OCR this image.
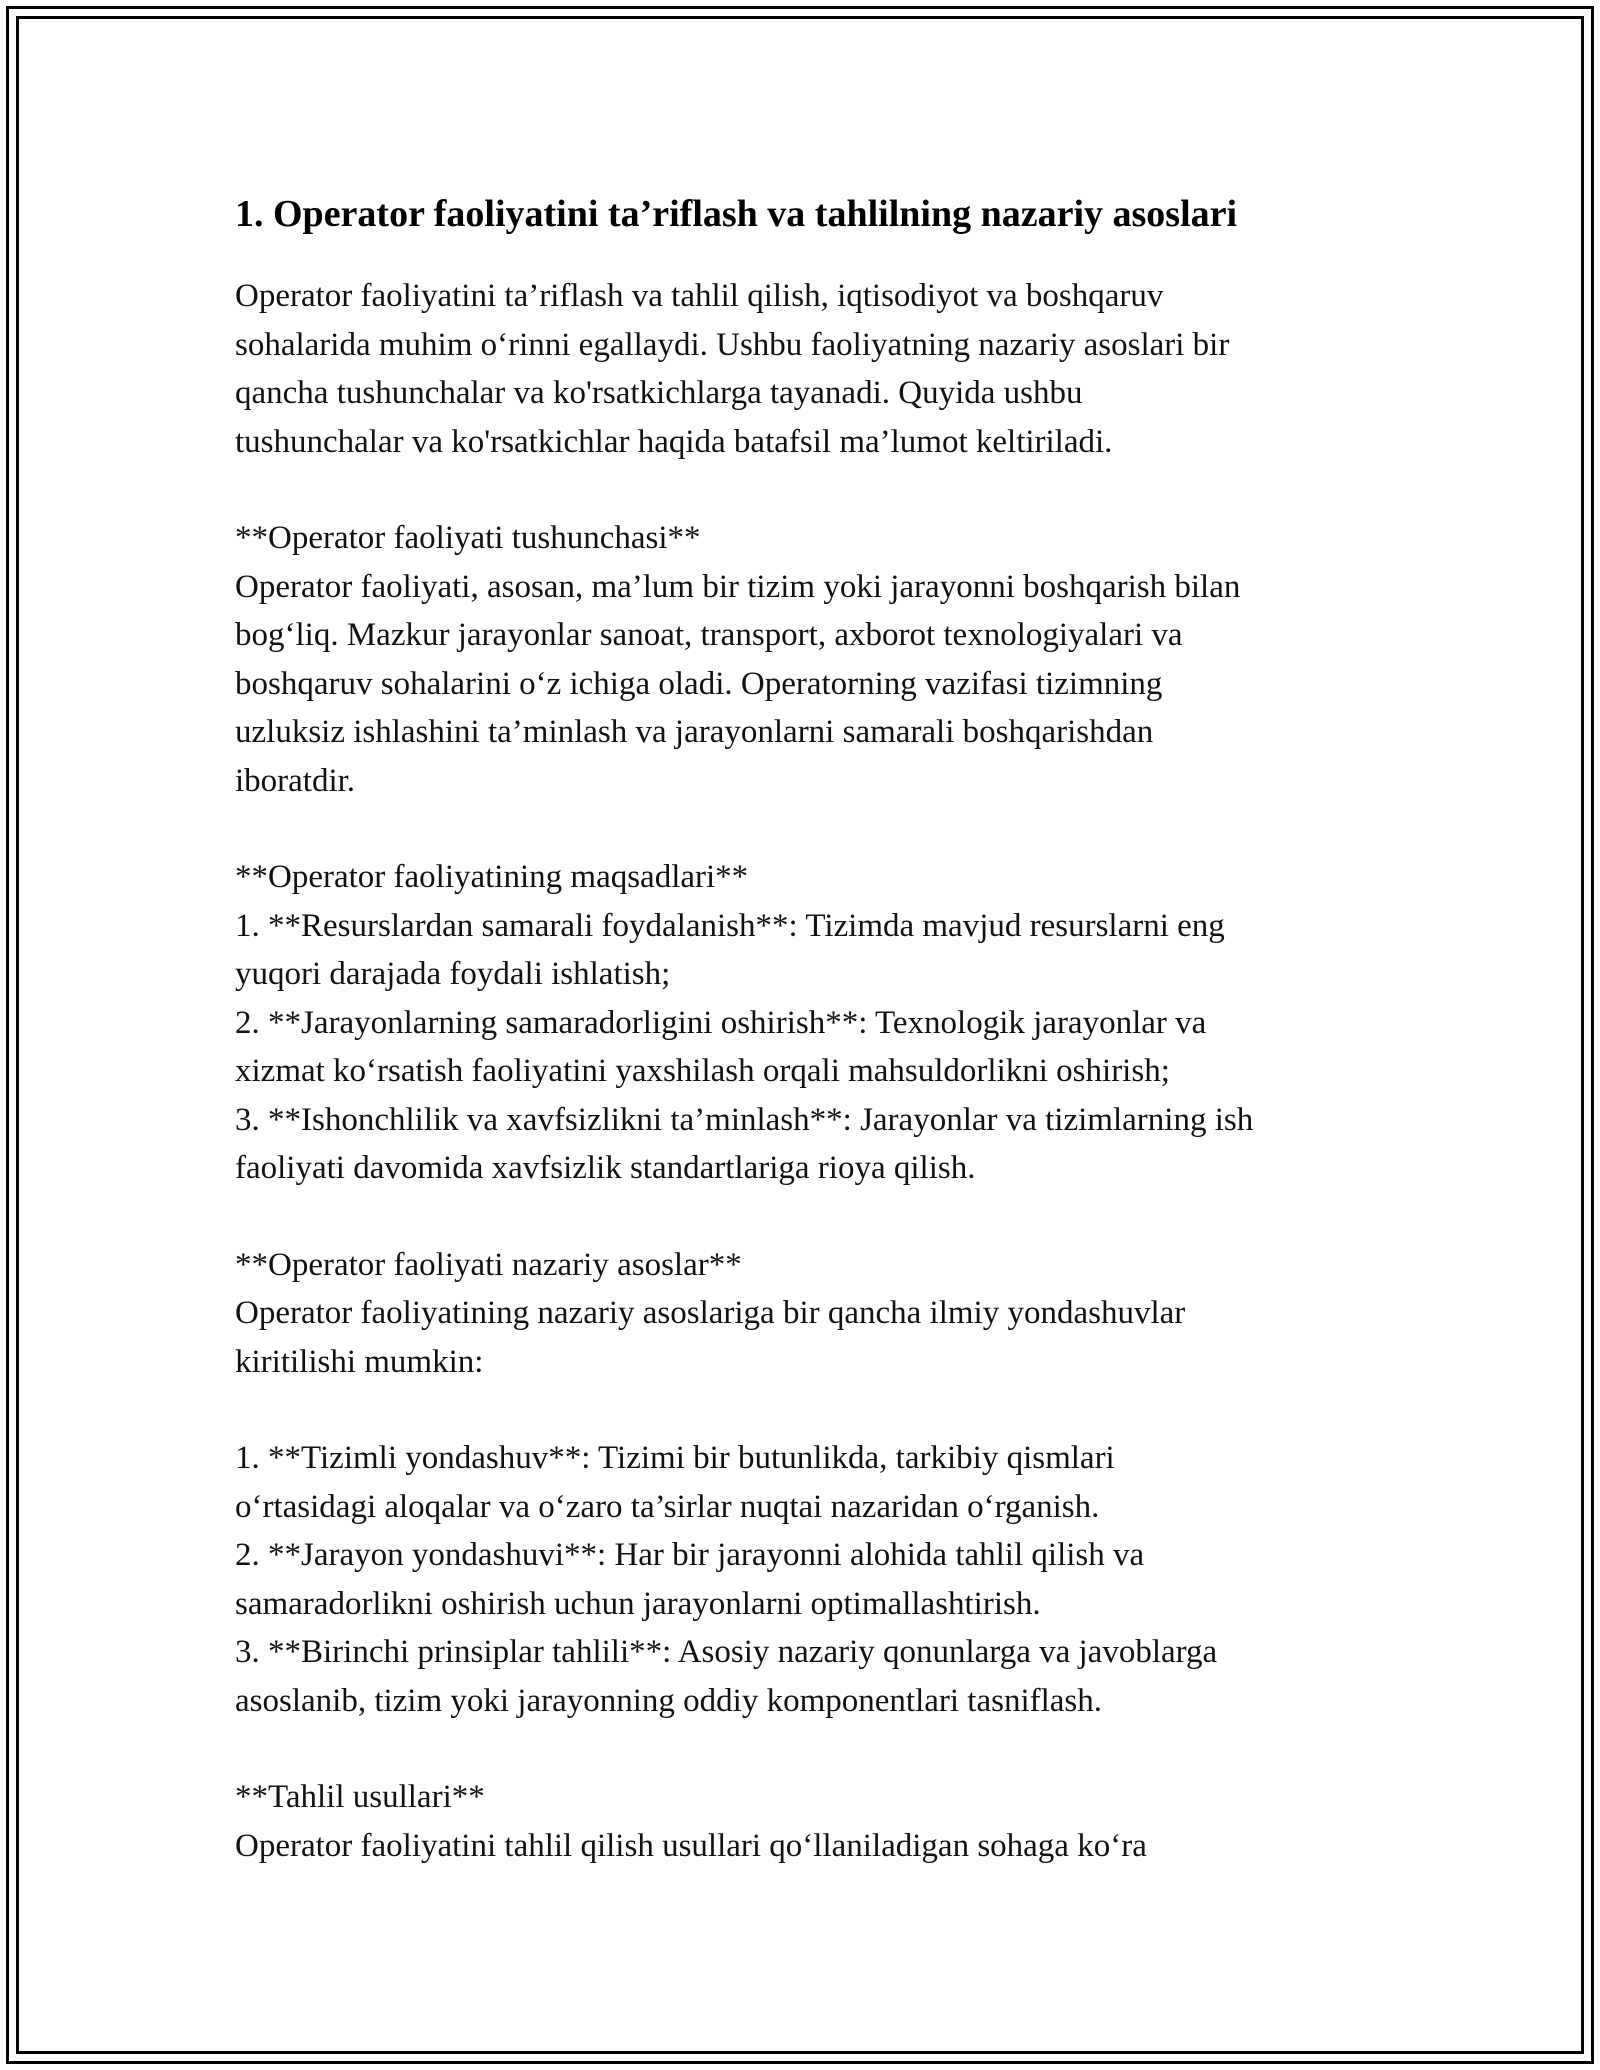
1. Operator faoliyatini ta’riflash va tahlilning nazariy asoslari
Operator faoliyatini ta’riflash va tahlil qilish, iqtisodiyot va boshqaruv
sohalarida muhim o‘rinni egallaydi. Ushbu faoliyatning nazariy asoslari bir
qancha tushunchalar va ko'rsatkichlarga tayanadi. Quyida ushbu
tushunchalar va ko'rsatkichlar haqida batafsil ma’lumot keltiriladi.
**Operator faoliyati tushunchasi**
Operator faoliyati, asosan, ma’lum bir tizim yoki jarayonni boshqarish bilan
bog‘liq. Mazkur jarayonlar sanoat, transport, axborot texnologiyalari va
boshqaruv sohalarini o‘z ichiga oladi. Operatorning vazifasi tizimning
uzluksiz ishlashini ta’minlash va jarayonlarni samarali boshqarishdan
iboratdir.
**Operator faoliyatining maqsadlari**
1. **Resurslardan samarali foydalanish**: Tizimda mavjud resurslarni eng
yuqori darajada foydali ishlatish;
2. **Jarayonlarning samaradorligini oshirish**: Texnologik jarayonlar va
xizmat ko‘rsatish faoliyatini yaxshilash orqali mahsuldorlikni oshirish;
3. **Ishonchlilik va xavfsizlikni ta’minlash**: Jarayonlar va tizimlarning ish
faoliyati davomida xavfsizlik standartlariga rioya qilish.
**Operator faoliyati nazariy asoslar**
Operator faoliyatining nazariy asoslariga bir qancha ilmiy yondashuvlar
kiritilishi mumkin:
1. **Tizimli yondashuv**: Tizimi bir butunlikda, tarkibiy qismlari
o‘rtasidagi aloqalar va o‘zaro ta’sirlar nuqtai nazaridan o‘rganish.
2. **Jarayon yondashuvi**: Har bir jarayonni alohida tahlil qilish va
samaradorlikni oshirish uchun jarayonlarni optimallashtirish.
3. **Birinchi prinsiplar tahlili**: Asosiy nazariy qonunlarga va javoblarga
asoslanib, tizim yoki jarayonning oddiy komponentlari tasniflash.
**Tahlil usullari**
Operator faoliyatini tahlil qilish usullari qo‘llaniladigan sohaga ko‘ra
